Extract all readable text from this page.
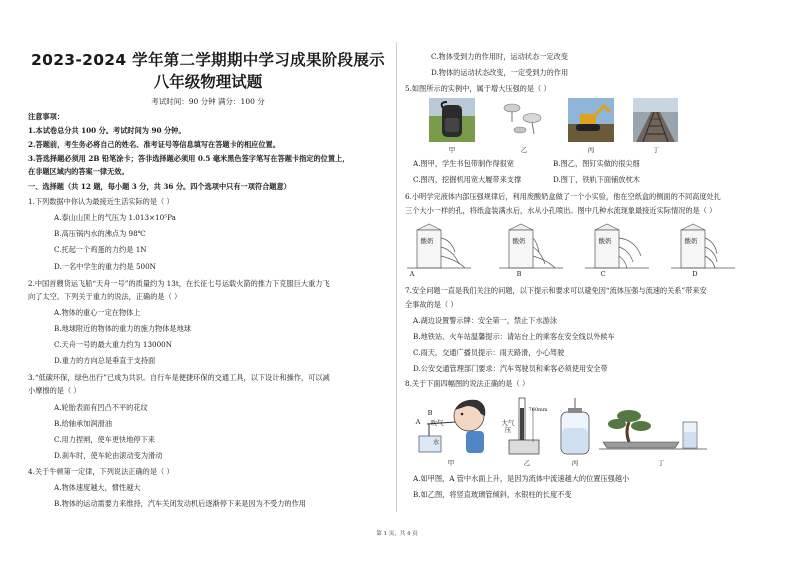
2023-2024 学年第二学期期中学习成果阶段展示
八年级物理试题
考试时间：90 分钟 满分：100 分
注意事项：
1.本试卷总分共 100 分。考试时间为 90 分钟。
2.答题前，考生务必将自己的姓名、准考证号等信息填写在答题卡的相应位置。
3.答选择题必须用 2B 铅笔涂卡；答非选择题必须用 0.5 毫米黑色签字笔写在答题卡指定的位置上，
在非题区域内的答案一律无效。
一、选择题（共 12 题，每小题 3 分，共 36 分。四个选项中只有一项符合题意）
1.下列数据中你认为最接近生活实际的是（ ）
A.泰山山顶上的气压为 1.013×10⁵Pa
B.高压锅内水的沸点为 98℃
C.托起一个鸡蛋的力约是 1N
D.一名中学生的重力约是 500N
2.中国首艘货运飞船“天舟一号”的质量约为 13t，在长征七号运载火箭的推力下克服巨大重力飞
向了太空。下列关于重力的说法，正确的是（ ）
A.物体的重心一定在物体上
B.地球附近的物体的重力的施力物体是地球
C.天舟一号的最大重力约为 13000N
D.重力的方向总是垂直于支持面
3.“低碳环保，绿色出行”已成为共识。自行车是便捷环保的交通工具，以下设计和操作，可以减
小摩擦的是（ ）
A.轮胎表面有凹凸不平的花纹
B.给轴承加润滑油
C.用力捏闸，使车更快地停下来
D.刹车时，使车轮由滚动变为滑动
4.关于牛顿第一定律，下列说法正确的是（ ）
A.物体速度越大，惯性越大
B.物体的运动需要力来维持，汽车关闭发动机后逐渐停下来是因为不受力的作用
C.物体受到力的作用时，运动状态一定改变
D.物体的运动状态改变，一定受到力的作用
5.如图所示的实例中，属于增大压强的是（ ）
甲	乙	丙	丁
A.图甲，学生书包带制作得很宽	B.图乙，图钉实做的很尖细
C.图丙，挖掘机用宽大履带来支撑	D.图丁，铁轨下面铺放枕木
6.小明学完液体内部压强规律后，利用废酸奶盒做了一个小实验，他在空纸盒的侧面的不同高度处扎
三个大小一样的孔，将纸盒装满水后，水从小孔喷出。图中几种水流现象最接近实际情况的是（ ）
酸奶	酸奶	酸奶	酸奶
A	B	C	D
7.安全问题一直是我们关注的问题，以下提示和要求可以避免因“流体压强与流速的关系”带来安
全事故的是（ ）
A.湖边设置警示牌：安全第一，禁止下水游泳
B.地铁站、火车站温馨提示：请站台上的乘客在安全线以外候车
C.雨天，交通广播员提示：雨天路滑，小心驾驶
D.公安交通管理部门要求：汽车驾驶员和乘客必须使用安全带
8.关于下面四幅图的说法正确的是（ ）
A
B
吹气
水
大气压
760mm
甲	乙	丙	丁
A.如甲图，A 管中水面上升，是因为流体中流速越大的位置压强越小
B.如乙图，将竖直玻璃管倾斜，水银柱的长度不变
第 1 页，共 4 页
